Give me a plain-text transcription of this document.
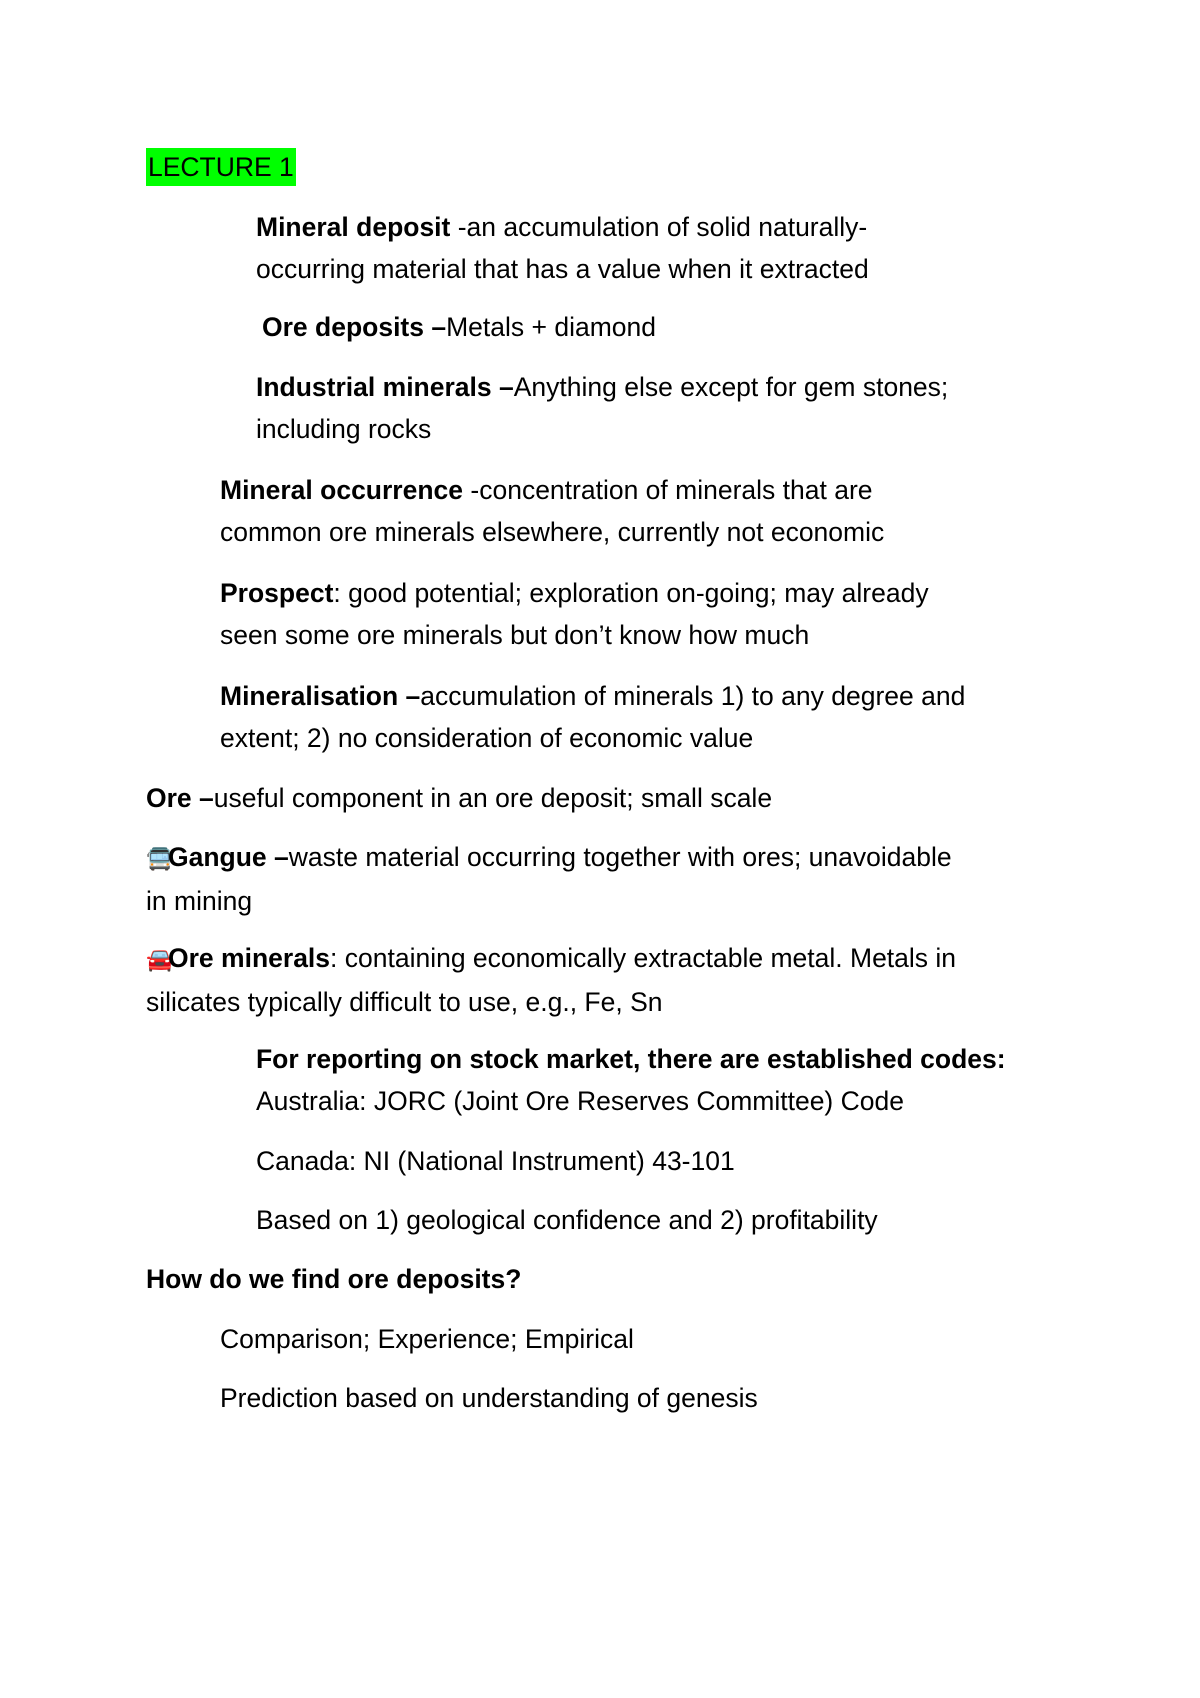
LECTURE 1
Mineral deposit -an accumulation of solid naturally-
occurring material that has a value when it extracted
Ore deposits –Metals + diamond
Industrial minerals –Anything else except for gem stones;
including rocks
Mineral occurrence -concentration of minerals that are
common ore minerals elsewhere, currently not economic
Prospect: good potential; exploration on-going; may already
seen some ore minerals but don’t know how much
Mineralisation –accumulation of minerals 1) to any degree and
extent; 2) no consideration of economic value
Ore –useful component in an ore deposit; small scale
🚍Gangue –waste material occurring together with ores; unavoidable
in mining
🚘Ore minerals: containing economically extractable metal. Metals in
silicates typically difficult to use, e.g., Fe, Sn
For reporting on stock market, there are established codes:
Australia: JORC (Joint Ore Reserves Committee) Code
Canada: NI (National Instrument) 43-101
Based on 1) geological confidence and 2) profitability
How do we find ore deposits?
Comparison; Experience; Empirical
Prediction based on understanding of genesis
